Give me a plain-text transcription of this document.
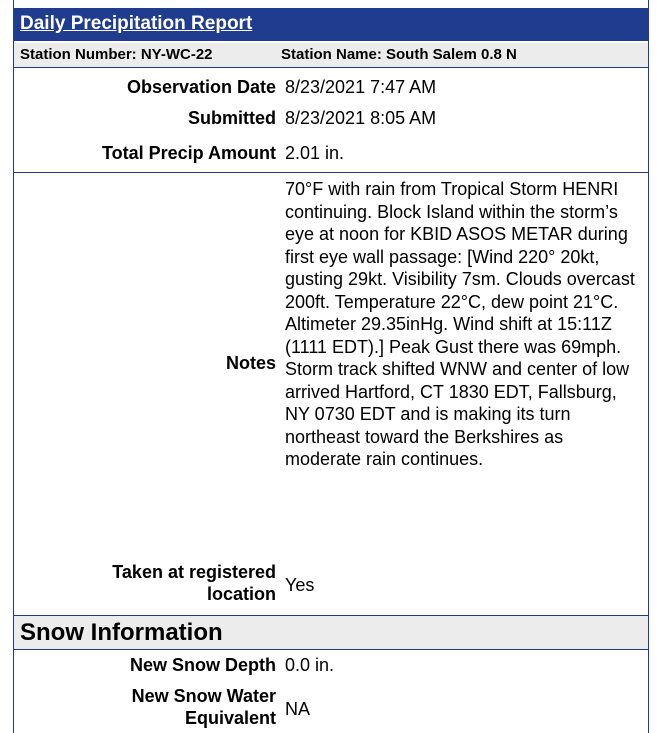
Daily Precipitation Report
Station Number: NY-WC-22	Station Name: South Salem 0.8 N
Observation Date 8/23/2021 7:47 AM
Submitted 8/23/2021 8:05 AM
Total Precip Amount 2.01 in.
Notes
70°F with rain from Tropical Storm HENRI continuing. Block Island within the storm’s eye at noon for KBID ASOS METAR during first eye wall passage: [Wind 220° 20kt, gusting 29kt. Visibility 7sm. Clouds overcast 200ft. Temperature 22°C, dew point 21°C. Altimeter 29.35inHg. Wind shift at 15:11Z (1111 EDT).] Peak Gust there was 69mph. Storm track shifted WNW and center of low arrived Hartford, CT 1830 EDT, Fallsburg, NY 0730 EDT and is making its turn northeast toward the Berkshires as moderate rain continues.
Taken at registered
location Yes
Snow Information
New Snow Depth 0.0 in.
New Snow Water
Equivalent NA
